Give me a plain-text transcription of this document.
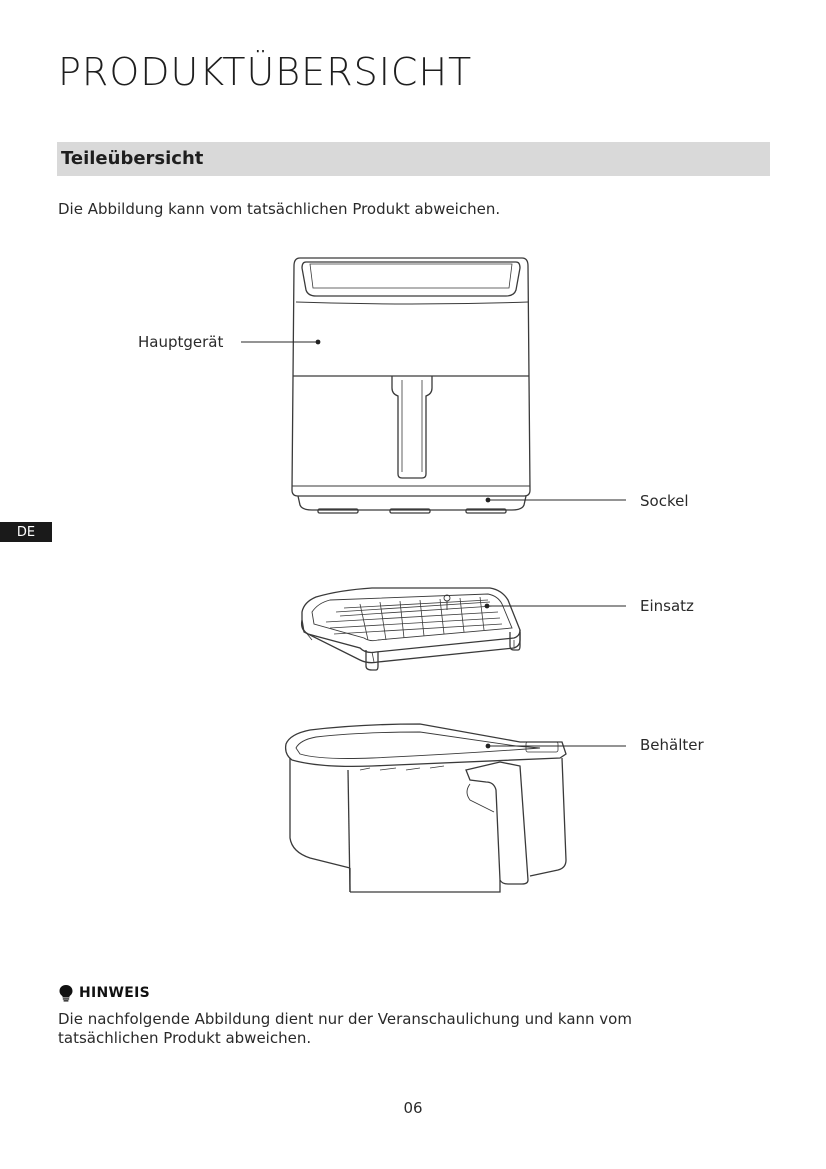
PRODUKTÜBERSICHT
Teileübersicht
Die Abbildung kann vom tatsächlichen Produkt abweichen.
DE
Hauptgerät
Sockel
Einsatz
Behälter
HINWEIS
Die nachfolgende Abbildung dient nur der Veranschaulichung und kann vom tatsächlichen Produkt abweichen.
06
